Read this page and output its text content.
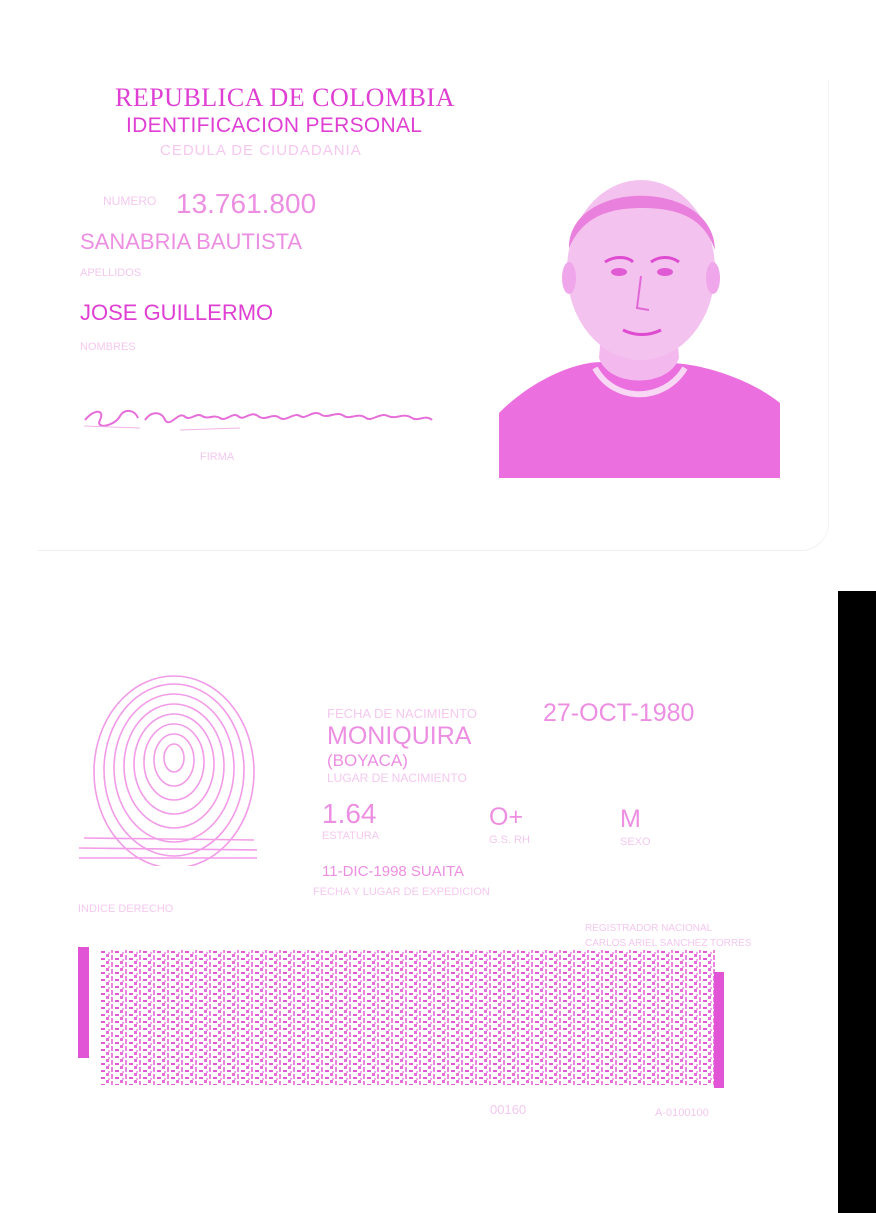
REPUBLICA DE COLOMBIA
IDENTIFICACION PERSONAL
CEDULA DE CIUDADANIA
NUMERO 13.761.800
SANABRIA BAUTISTA
APELLIDOS
JOSE GUILLERMO
NOMBRES
FIRMA
FECHA DE NACIMIENTO	27-OCT-1980
MONIQUIRA
(BOYACA)
LUGAR DE NACIMIENTO
1.64
ESTATURA
O+
G.S. RH
M
SEXO
11-DIC-1998 SUAITA
FECHA Y LUGAR DE EXPEDICION
INDICE DERECHO
REGISTRADOR NACIONAL
CARLOS ARIEL SANCHEZ TORRES
00160	A-0100100
